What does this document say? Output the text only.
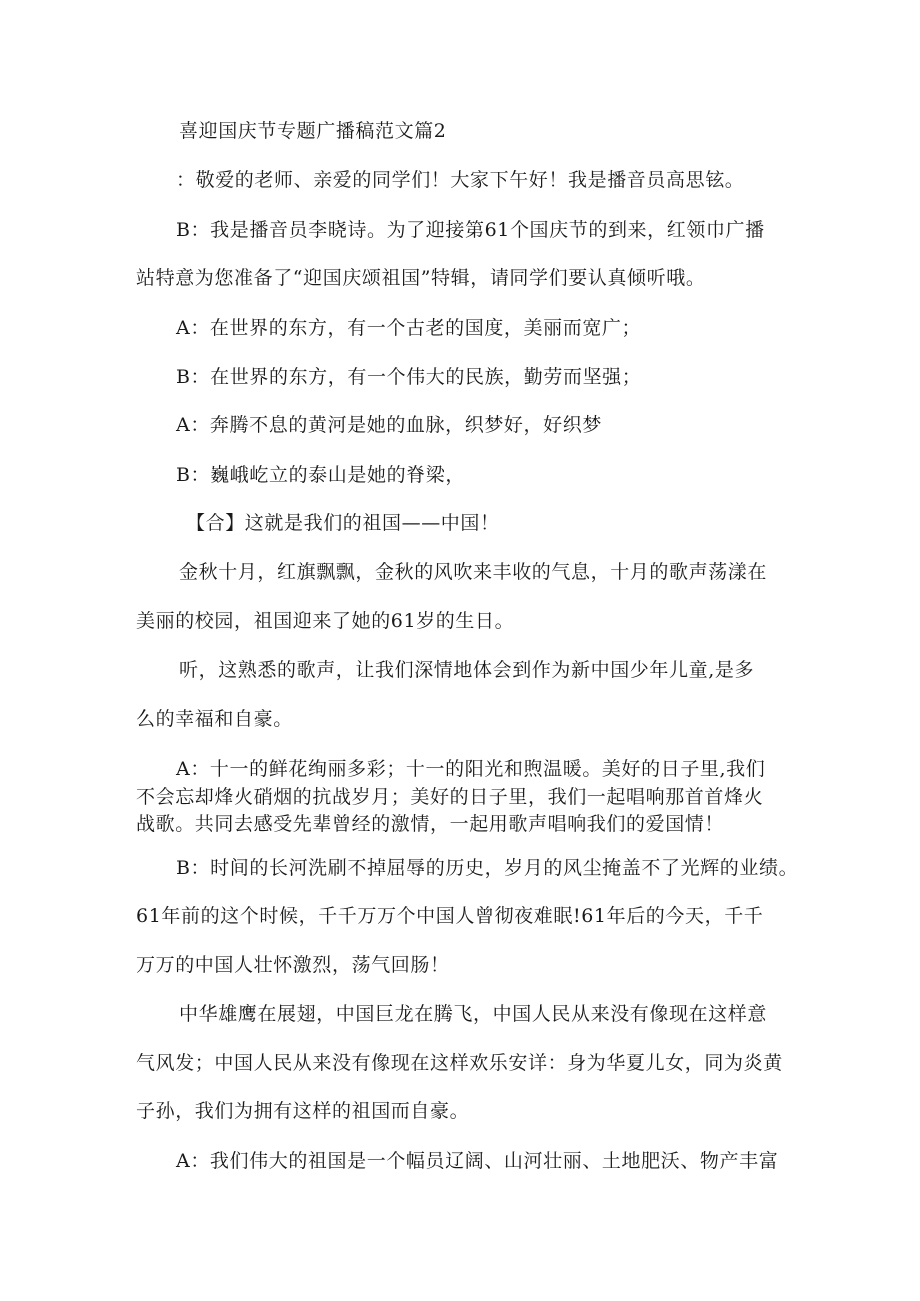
喜迎国庆节专题广播稿范文篇2
：敬爱的老师、亲爱的同学们！大家下午好！我是播音员高思铉。
B：我是播音员李晓诗。为了迎接第61个国庆节的到来，红领巾广播
站特意为您准备了“迎国庆颂祖国”特辑，请同学们要认真倾听哦。
A：在世界的东方，有一个古老的国度，美丽而宽广；
B：在世界的东方，有一个伟大的民族，勤劳而坚强；
A：奔腾不息的黄河是她的血脉，织梦好，好织梦
B：巍峨屹立的泰山是她的脊梁，
【合】这就是我们的祖国——中国！
金秋十月，红旗飘飘，金秋的风吹来丰收的气息，十月的歌声荡漾在
美丽的校园，祖国迎来了她的61岁的生日。
听，这熟悉的歌声，让我们深情地体会到作为新中国少年儿童,是多
么的幸福和自豪。
A：十一的鲜花绚丽多彩；十一的阳光和煦温暖。美好的日子里,我们
不会忘却烽火硝烟的抗战岁月；美好的日子里，我们一起唱响那首首烽火
战歌。共同去感受先辈曾经的激情，一起用歌声唱响我们的爱国情！
B：时间的长河洗刷不掉屈辱的历史，岁月的风尘掩盖不了光辉的业绩。
61年前的这个时候，千千万万个中国人曾彻夜难眠!61年后的今天，千千
万万的中国人壮怀激烈，荡气回肠！
中华雄鹰在展翅，中国巨龙在腾飞，中国人民从来没有像现在这样意
气风发；中国人民从来没有像现在这样欢乐安详：身为华夏儿女，同为炎黄
子孙，我们为拥有这样的祖国而自豪。
A：我们伟大的祖国是一个幅员辽阔、山河壮丽、土地肥沃、物产丰富
